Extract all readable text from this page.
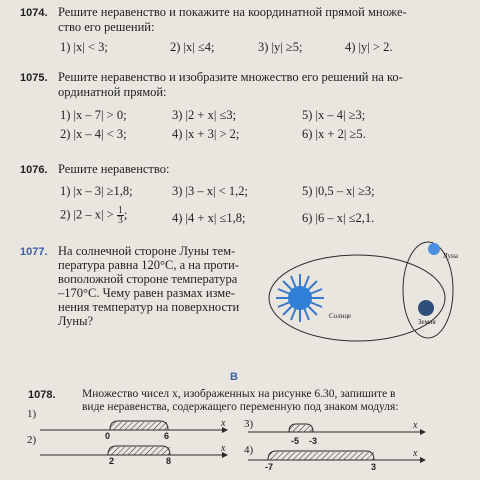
1074. Решите неравенство и покажите на координатной прямой множе-
ство его решений:
1) |x| < 3;	2) |x| ≤4;	3) |y| ≥5;	4) |y| > 2.
1075. Решите неравенство и изобразите множество его решений на ко-
ординатной прямой:
1) |x – 7| > 0;	3) |2 + x| ≤3;	5) |x – 4| ≥3;
2) |x – 4| < 3;	4) |x + 3| > 2;	6) |x + 2| ≥5.
1076. Решите неравенство:
1) |x – 3| ≥1,8;	3) |3 – x| < 1,2;	5) |0,5 – x| ≥3;
2) $|2 - x| > \frac{1}{3}$ ;	4) |4 + x| ≤1,8;	6) |6 – x| ≤2,1.
1077. На солнечной стороне Луны тем-
пература равна 120°C, а на проти-
воположной стороне температура
–170°C. Чему равен размах изме-
нения температур на поверхности
Луны?
Луна
Солнце
Земля
B
1078. Множество чисел x, изображенных на рисунке 6.30, запишите в
виде неравенства, содержащего переменную под знаком модуля:
1)
0	6
x
2)
2	8
x
3)
-5 -3
x
4)
-7	3
x
